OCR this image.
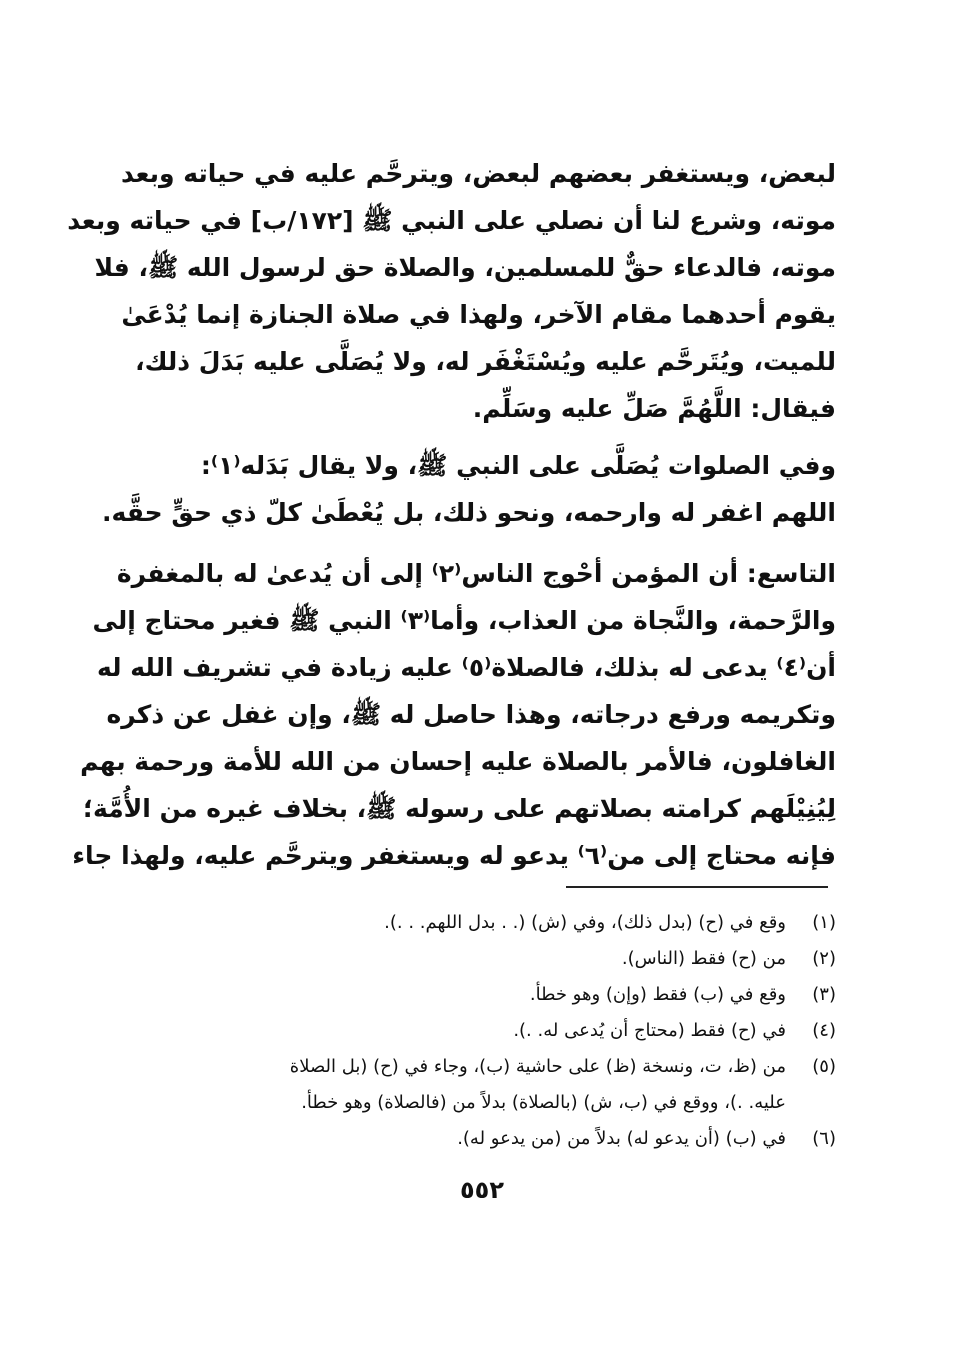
لبعض، ويستغفر بعضهم لبعض، ويترحَّم عليه في حياته وبعد
موته، وشرع لنا أن نصلي على النبي ﷺ [١٧٢/ب] في حياته وبعد
موته، فالدعاء حقٌّ للمسلمين، والصلاة حق لرسول الله ﷺ، فلا
يقوم أحدهما مقام الآخر، ولهذا في صلاة الجنازة إنما يُدْعَىٰ
للميت، ويُتَرحَّم عليه ويُسْتَغْفَر له، ولا يُصَلَّى عليه بَدَلَ ذلك،
فيقال: اللَّهُمَّ صَلِّ عليه وسَلِّم.

وفي الصلوات يُصَلَّى على النبي ﷺ، ولا يقال بَدَله⁽١⁾:
اللهم اغفر له وارحمه، ونحو ذلك، بل يُعْطَىٰ كلّ ذي حقٍّ حقَّه.

التاسع: أن المؤمن أحْوج الناس⁽٢⁾ إلى أن يُدعىٰ له بالمغفرة
والرَّحمة، والنَّجاة من العذاب، وأما⁽٣⁾ النبي ﷺ فغير محتاج إلى
أن⁽٤⁾ يدعى له بذلك، فالصلاة⁽٥⁾ عليه زيادة في تشريف الله له
وتكريمه ورفع درجاته، وهذا حاصل له ﷺ، وإن غفل عن ذكره
الغافلون، فالأمر بالصلاة عليه إحسان من الله للأمة ورحمة بهم
لِيُنِيْلَهم كرامته بصلاتهم على رسوله ﷺ، بخلاف غيره من الأُمَّة؛
فإنه محتاج إلى من⁽٦⁾ يدعو له ويستغفر ويترحَّم عليه، ولهذا جاء

(١)
وقع في (ح) (بدل ذلك)، وفي (ش) (. . بدل اللهم. . .).
(٢)
من (ح) فقط (الناس).
(٣)
وقع في (ب) فقط (وإن) وهو خطأ.
(٤)
في (ح) فقط (محتاج أن يُدعى له. .).
(٥)
من (ظ، ت، ونسخة (ظ) على حاشية (ب)، وجاء في (ح) (بل الصلاة
عليه. .)، ووقع في (ب، ش) (بالصلاة) بدلاً من (فالصلاة) وهو خطأ.
(٦)
في (ب) (أن يدعو له) بدلاً من (من يدعو له).
٥٥٢
